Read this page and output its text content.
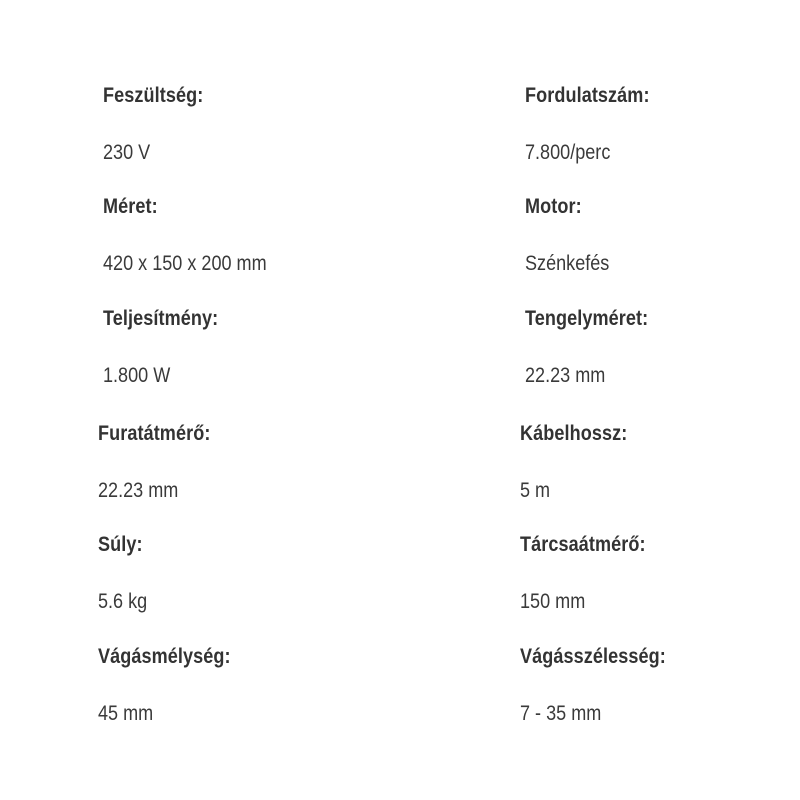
Feszültség:
230 V
Méret:
420 x 150 x 200 mm
Teljesítmény:
1.800 W
Furatátmérő:
22.23 mm
Súly:
5.6 kg
Vágásmélység:
45 mm
Fordulatszám:
7.800/perc
Motor:
Szénkefés
Tengelyméret:
22.23 mm
Kábelhossz:
5 m
Tárcsaátmérő:
150 mm
Vágásszélesség:
7 - 35 mm
